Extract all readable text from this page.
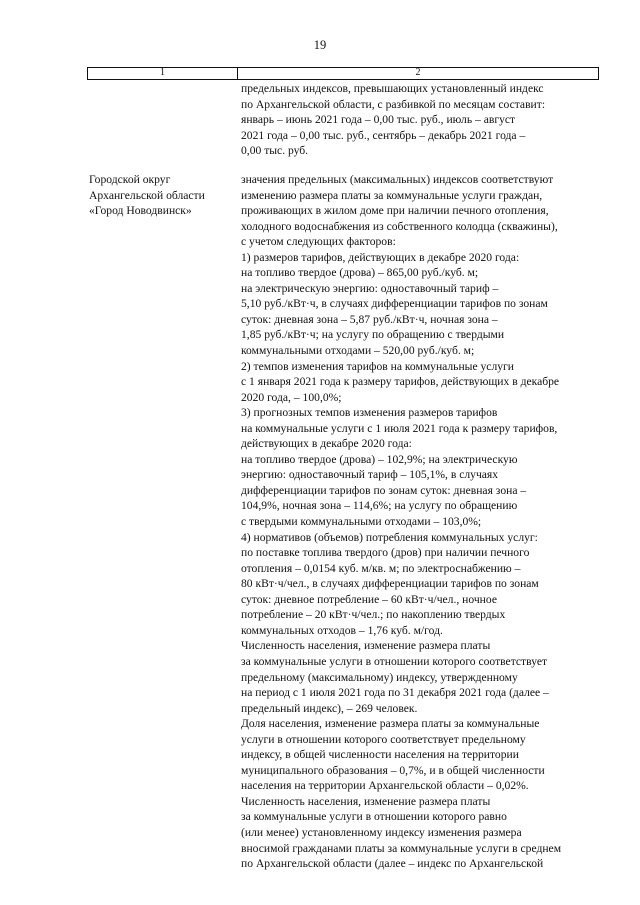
19
1	2
предельных индексов, превышающих установленный индекс
по Архангельской области, с разбивкой по месяцам составит:
январь – июнь 2021 года – 0,00 тыс. руб., июль – август
2021 года – 0,00 тыс. руб., сентябрь – декабрь 2021 года –
0,00 тыс. руб.
Городской округ
Архангельской области
«Город Новодвинск»
значения предельных (максимальных) индексов соответствуют
изменению размера платы за коммунальные услуги граждан,
проживающих в жилом доме при наличии печного отопления,
холодного водоснабжения из собственного колодца (скважины),
с учетом следующих факторов:
1) размеров тарифов, действующих в декабре 2020 года:
на топливо твердое (дрова) – 865,00 руб./куб. м;
на электрическую энергию: одноставочный тариф –
5,10 руб./кВт·ч, в случаях дифференциации тарифов по зонам
суток: дневная зона – 5,87 руб./кВт·ч, ночная зона –
1,85 руб./кВт·ч; на услугу по обращению с твердыми
коммунальными отходами – 520,00 руб./куб. м;
2) темпов изменения тарифов на коммунальные услуги
с 1 января 2021 года к размеру тарифов, действующих в декабре
2020 года, – 100,0%;
3) прогнозных темпов изменения размеров тарифов
на коммунальные услуги с 1 июля 2021 года к размеру тарифов,
действующих в декабре 2020 года:
на топливо твердое (дрова) – 102,9%; на электрическую
энергию: одноставочный тариф – 105,1%, в случаях
дифференциации тарифов по зонам суток: дневная зона –
104,9%, ночная зона – 114,6%; на услугу по обращению
с твердыми коммунальными отходами – 103,0%;
4) нормативов (объемов) потребления коммунальных услуг:
по поставке топлива твердого (дров) при наличии печного
отопления – 0,0154 куб. м/кв. м; по электроснабжению –
80 кВт·ч/чел., в случаях дифференциации тарифов по зонам
суток: дневное потребление – 60 кВт·ч/чел., ночное
потребление – 20 кВт·ч/чел.; по накоплению твердых
коммунальных отходов – 1,76 куб. м/год.
Численность населения, изменение размера платы
за коммунальные услуги в отношении которого соответствует
предельному (максимальному) индексу, утвержденному
на период с 1 июля 2021 года по 31 декабря 2021 года (далее –
предельный индекс), – 269 человек.
Доля населения, изменение размера платы за коммунальные
услуги в отношении которого соответствует предельному
индексу, в общей численности населения на территории
муниципального образования – 0,7%, и в общей численности
населения на территории Архангельской области – 0,02%.
Численность населения, изменение размера платы
за коммунальные услуги в отношении которого равно
(или менее) установленному индексу изменения размера
вносимой гражданами платы за коммунальные услуги в среднем
по Архангельской области (далее – индекс по Архангельской
